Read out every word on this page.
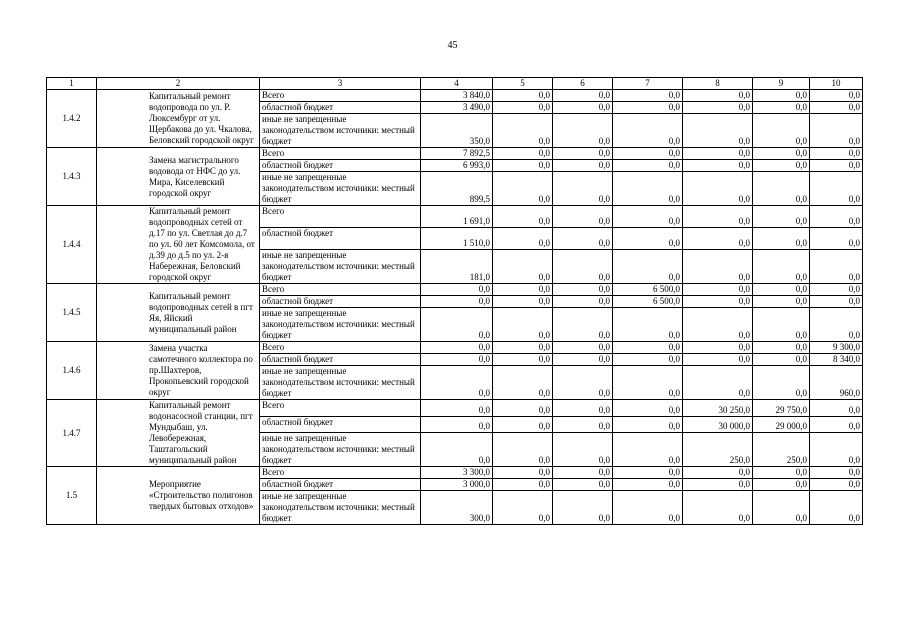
45
1	2	3	4	5	6	7	8	9	10
1.4.2	Капитальный ремонт водопровода по ул. Р. Люксембург от ул. Щербакова до ул. Чкалова, Беловский городской округ	Всего	3 840,0	0,0	0,0	0,0	0,0	0,0	0,0
		областной бюджет	3 490,0	0,0	0,0	0,0	0,0	0,0	0,0
		иные не запрещенные законодательством источники: местный бюджет	350,0	0,0	0,0	0,0	0,0	0,0	0,0
1.4.3	Замена магистрального водовода от НФС до ул. Мира, Киселевский городской округ	Всего	7 892,5	0,0	0,0	0,0	0,0	0,0	0,0
		областной бюджет	6 993,0	0,0	0,0	0,0	0,0	0,0	0,0
		иные не запрещенные законодательством источники: местный бюджет	899,5	0,0	0,0	0,0	0,0	0,0	0,0
1.4.4	Капитальный ремонт водопроводных сетей от д.17 по ул. Светлая до д.7 по ул. 60 лет Комсомола, от д.39 до д.5 по ул. 2-я Набережная, Беловский городской округ	Всего	1 691,0	0,0	0,0	0,0	0,0	0,0	0,0
		областной бюджет	1 510,0	0,0	0,0	0,0	0,0	0,0	0,0
		иные не запрещенные законодательством источники: местный бюджет	181,0	0,0	0,0	0,0	0,0	0,0	0,0
1.4.5	Капитальный ремонт водопроводных сетей в пгт Яя, Яйский муниципальный район	Всего	0,0	0,0	0,0	6 500,0	0,0	0,0	0,0
		областной бюджет	0,0	0,0	0,0	6 500,0	0,0	0,0	0,0
		иные не запрещенные законодательством источники: местный бюджет	0,0	0,0	0,0	0,0	0,0	0,0	0,0
1.4.6	Замена участка самотечного коллектора по пр.Шахтеров, Прокопьевский городской округ	Всего	0,0	0,0	0,0	0,0	0,0	0,0	9 300,0
		областной бюджет	0,0	0,0	0,0	0,0	0,0	0,0	8 340,0
		иные не запрещенные законодательством источники: местный бюджет	0,0	0,0	0,0	0,0	0,0	0,0	960,0
1.4.7	Капитальный ремонт водонасосной станции, пгт Мундыбаш, ул. Левобережная, Таштагольский муниципальный район	Всего	0,0	0,0	0,0	0,0	30 250,0	29 750,0	0,0
		областной бюджет	0,0	0,0	0,0	0,0	30 000,0	29 000,0	0,0
		иные не запрещенные законодательством источники: местный бюджет	0,0	0,0	0,0	0,0	250,0	250,0	0,0
1.5	Мероприятие «Строительство полигонов твердых бытовых отходов»	Всего	3 300,0	0,0	0,0	0,0	0,0	0,0	0,0
		областной бюджет	3 000,0	0,0	0,0	0,0	0,0	0,0	0,0
		иные не запрещенные законодательством источники: местный бюджет	300,0	0,0	0,0	0,0	0,0	0,0	0,0
